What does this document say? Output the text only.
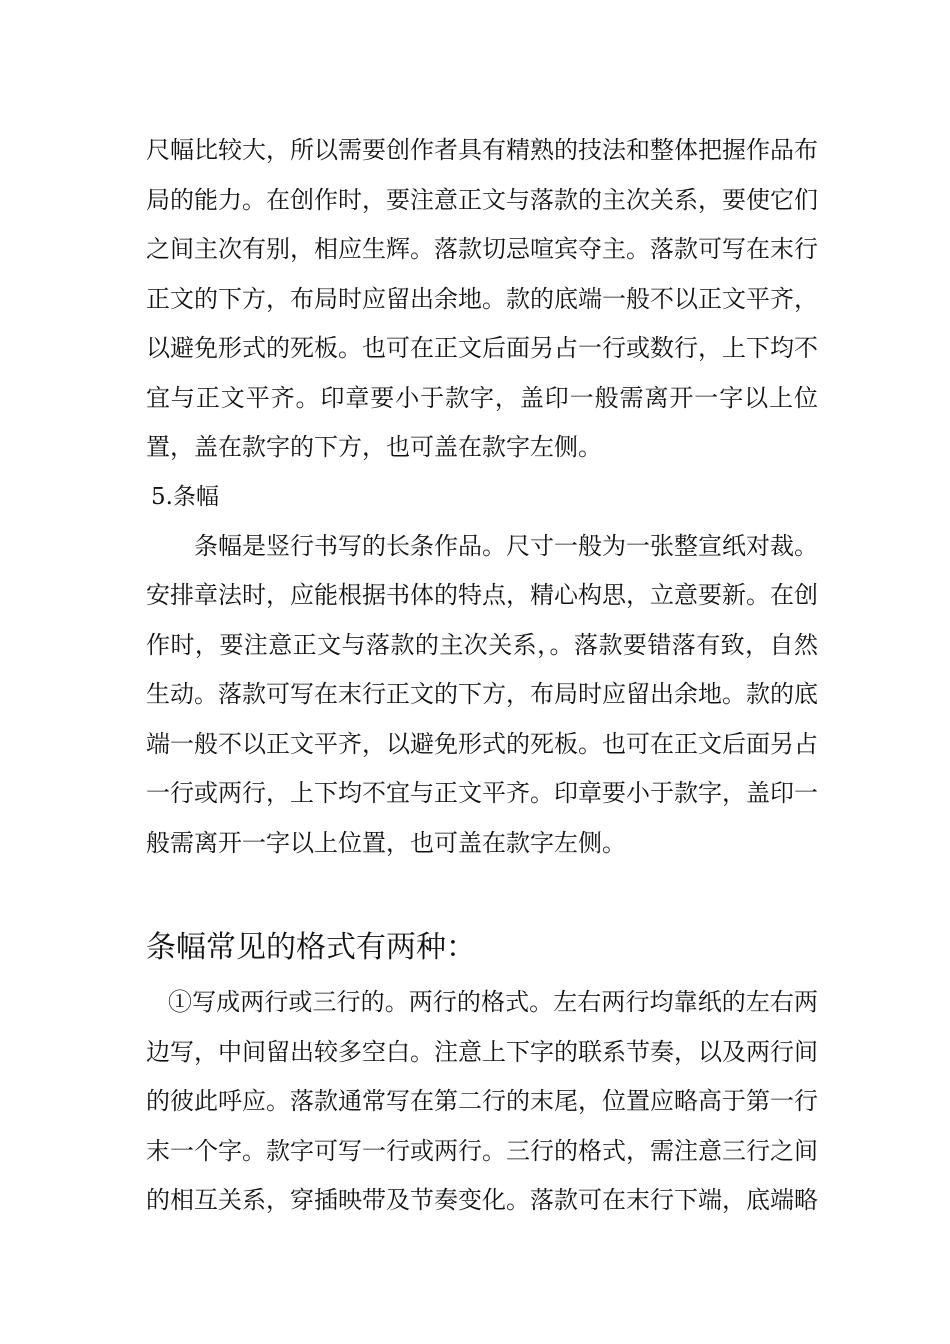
尺幅比较大，所以需要创作者具有精熟的技法和整体把握作品布局的能力。在创作时，要注意正文与落款的主次关系，要使它们之间主次有别，相应生辉。落款切忌喧宾夺主。落款可写在末行正文的下方，布局时应留出余地。款的底端一般不以正文平齐，以避免形式的死板。也可在正文后面另占一行或数行，上下均不宜与正文平齐。印章要小于款字，盖印一般需离开一字以上位置，盖在款字的下方，也可盖在款字左侧。

5.条幅

条幅是竖行书写的长条作品。尺寸一般为一张整宣纸对裁。安排章法时，应能根据书体的特点，精心构思，立意要新。在创作时，要注意正文与落款的主次关系，。落款要错落有致，自然生动。落款可写在末行正文的下方，布局时应留出余地。款的底端一般不以正文平齐，以避免形式的死板。也可在正文后面另占一行或两行，上下均不宜与正文平齐。印章要小于款字，盖印一般需离开一字以上位置，也可盖在款字左侧。

条幅常见的格式有两种：

①写成两行或三行的。两行的格式。左右两行均靠纸的左右两边写，中间留出较多空白。注意上下字的联系节奏，以及两行间的彼此呼应。落款通常写在第二行的末尾，位置应略高于第一行末一个字。款字可写一行或两行。三行的格式，需注意三行之间的相互关系，穿插映带及节奏变化。落款可在末行下端，底端略
